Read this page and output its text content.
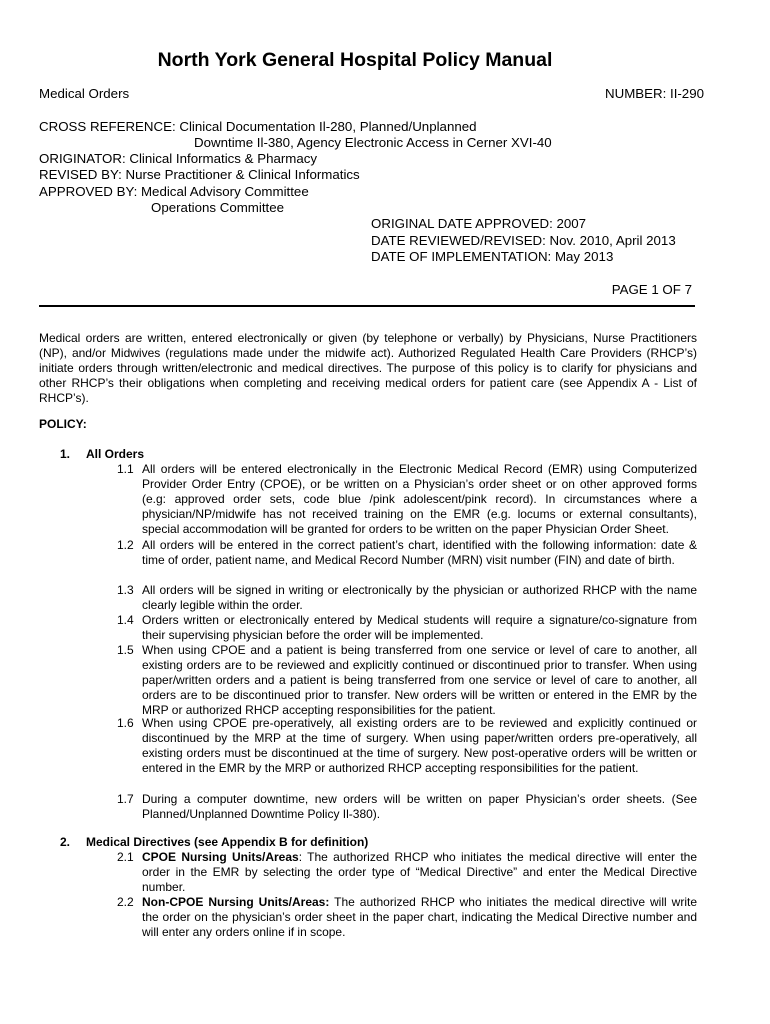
North York General Hospital Policy Manual
Medical Orders	NUMBER: II-290
CROSS REFERENCE: Clinical Documentation Il-280, Planned/Unplanned
Downtime Il-380, Agency Electronic Access in Cerner XVI-40
ORIGINATOR: Clinical Informatics & Pharmacy
REVISED BY: Nurse Practitioner & Clinical Informatics
APPROVED BY: Medical Advisory Committee
Operations Committee
ORIGINAL DATE APPROVED: 2007
DATE REVIEWED/REVISED: Nov. 2010, April 2013
DATE OF IMPLEMENTATION: May 2013
PAGE 1 OF 7

Medical orders are written, entered electronically or given (by telephone or verbally) by Physicians, Nurse Practitioners (NP), and/or Midwives (regulations made under the midwife act). Authorized Regulated Health Care Providers (RHCP’s) initiate orders through written/electronic and medical directives. The purpose of this policy is to clarify for physicians and other RHCP’s their obligations when completing and receiving medical orders for patient care (see Appendix A - List of RHCP’s).

POLICY:
1. All Orders
1.1 All orders will be entered electronically in the Electronic Medical Record (EMR) using Computerized Provider Order Entry (CPOE), or be written on a Physician’s order sheet or on other approved forms (e.g: approved order sets, code blue /pink adolescent/pink record). In circumstances where a physician/NP/midwife has not received training on the EMR (e.g. locums or external consultants), special accommodation will be granted for orders to be written on the paper Physician Order Sheet.
1.2 All orders will be entered in the correct patient’s chart, identified with the following information: date & time of order, patient name, and Medical Record Number (MRN) visit number (FIN) and date of birth.
1.3 All orders will be signed in writing or electronically by the physician or authorized RHCP with the name clearly legible within the order.
1.4 Orders written or electronically entered by Medical students will require a signature/co-signature from their supervising physician before the order will be implemented.
1.5 When using CPOE and a patient is being transferred from one service or level of care to another, all existing orders are to be reviewed and explicitly continued or discontinued prior to transfer. When using paper/written orders and a patient is being transferred from one service or level of care to another, all orders are to be discontinued prior to transfer. New orders will be written or entered in the EMR by the MRP or authorized RHCP accepting responsibilities for the patient.
1.6 When using CPOE pre-operatively, all existing orders are to be reviewed and explicitly continued or discontinued by the MRP at the time of surgery. When using paper/written orders pre-operatively, all existing orders must be discontinued at the time of surgery. New post-operative orders will be written or entered in the EMR by the MRP or authorized RHCP accepting responsibilities for the patient.
1.7 During a computer downtime, new orders will be written on paper Physician’s order sheets. (See Planned/Unplanned Downtime Policy Il-380).
2. Medical Directives (see Appendix B for definition)
2.1 CPOE Nursing Units/Areas: The authorized RHCP who initiates the medical directive will enter the order in the EMR by selecting the order type of “Medical Directive” and enter the Medical Directive number.
2.2 Non-CPOE Nursing Units/Areas: The authorized RHCP who initiates the medical directive will write the order on the physician’s order sheet in the paper chart, indicating the Medical Directive number and will enter any orders online if in scope.
